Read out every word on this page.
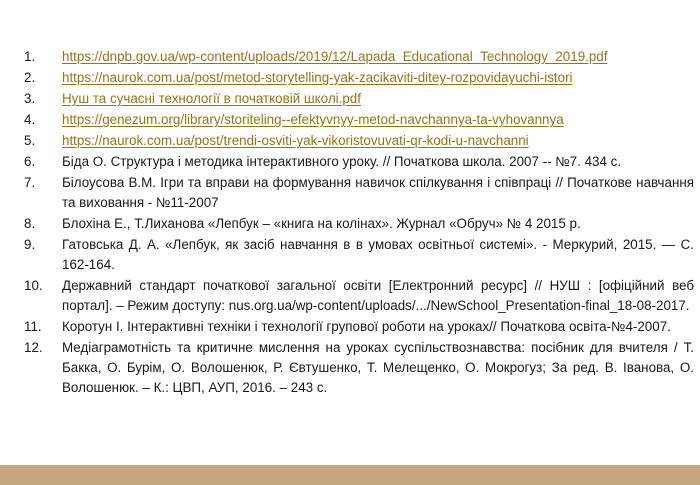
1.	https://dnpb.gov.ua/wp-content/uploads/2019/12/Lapada_Educational_Technology_2019.pdf
2.	https://naurok.com.ua/post/metod-storytelling-yak-zacikaviti-ditey-rozpovidayuchi-istori
3.	Нуш та сучасні технології в початковій школі.pdf
4.	https://genezum.org/library/storiteling--efektyvnyy-metod-navchannya-ta-vyhovannya
5.	https://naurok.com.ua/post/trendi-osviti-yak-vikoristovuvati-qr-kodi-u-navchanni
6.	Біда О. Структура і методика інтерактивного уроку. // Початкова школа. 2007 -- №7. 434 с.
7.	Білоусова В.М. Ігри та вправи на формування навичок спілкування і співпраці // Початкове навчання та виховання - №11-2007
8.	Блохіна Е., Т.Лиханова «Лепбук – «книга на колінах». Журнал «Обруч» № 4 2015 р.
9.	Гатовська Д. А. «Лепбук, як засіб навчання в в умовах освітньої системі». - Меркурий, 2015. — С. 162-164.
10.	Державний стандарт початкової загальної освіти [Електронний ресурс] // НУШ : [офіційний веб портал]. – Режим доступу: nus.org.ua/wp-content/uploads/.../NewSchool_Presentation-final_18-08-2017.
11.	Коротун І. Інтерактивні техніки і технології групової роботи на уроках// Початкова освіта-№4-2007.
12.	Медіаграмотність та критичне мислення на уроках суспільствознавства: посібник для вчителя / Т. Бакка, О. Бурім, О. Волошенюк, Р. Євтушенко, Т. Мелещенко, О. Мокрогуз; За ред. В. Іванова, О. Волошенюк. – К.: ЦВП, АУП, 2016. – 243 с.
